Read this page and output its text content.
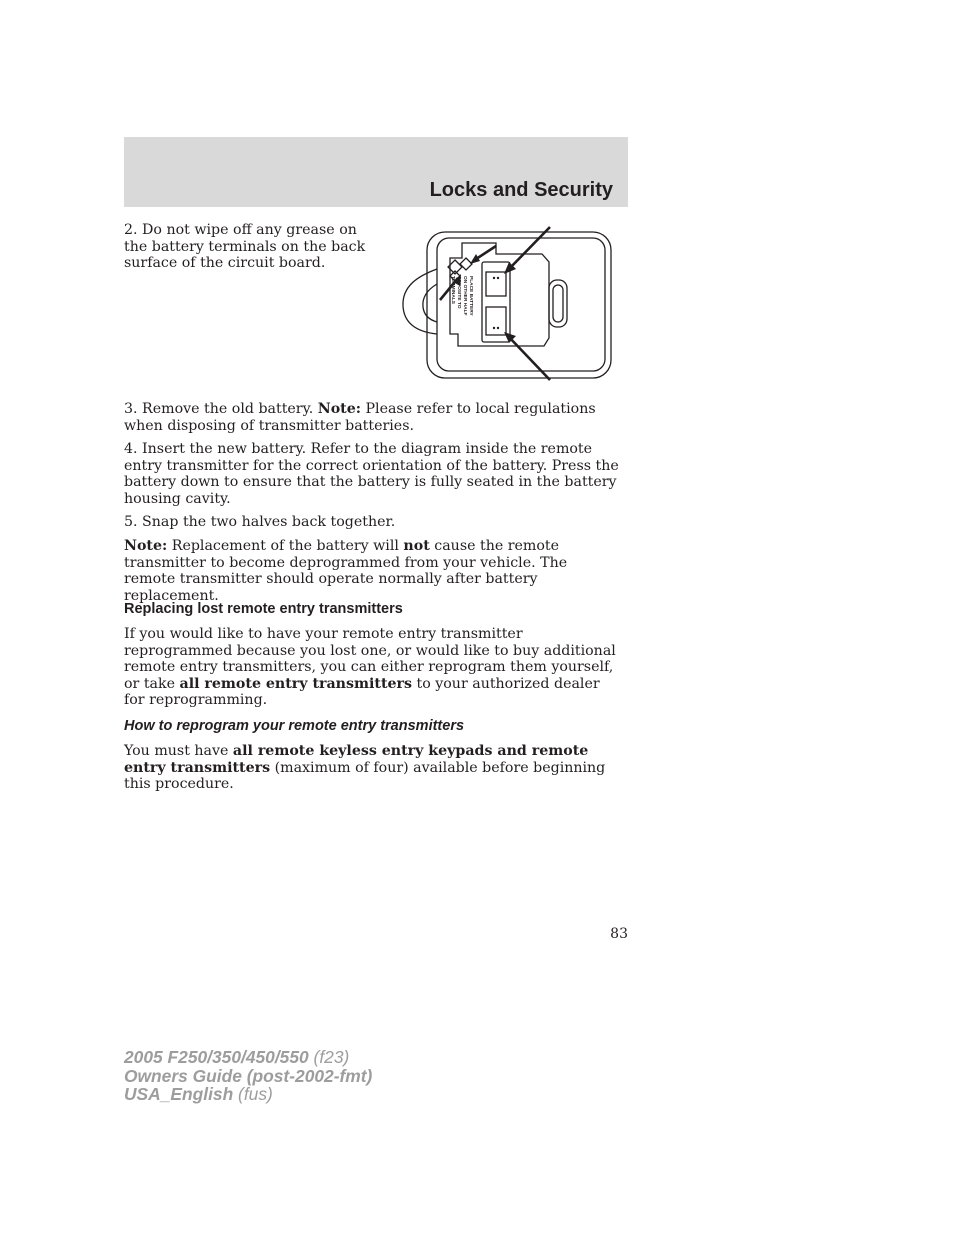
Locks and Security

2. Do not wipe off any grease on the battery terminals on the back surface of the circuit board.

PLACE BATTERY
ON OTHER HALF
OPPOSITE TO
TERMINALS

3. Remove the old battery. Note: Please refer to local regulations when disposing of transmitter batteries.

4. Insert the new battery. Refer to the diagram inside the remote entry transmitter for the correct orientation of the battery. Press the battery down to ensure that the battery is fully seated in the battery housing cavity.

5. Snap the two halves back together.

Note: Replacement of the battery will not cause the remote transmitter to become deprogrammed from your vehicle. The remote transmitter should operate normally after battery replacement.

Replacing lost remote entry transmitters

If you would like to have your remote entry transmitter reprogrammed because you lost one, or would like to buy additional remote entry transmitters, you can either reprogram them yourself, or take all remote entry transmitters to your authorized dealer for reprogramming.

How to reprogram your remote entry transmitters

You must have all remote keyless entry keypads and remote entry transmitters (maximum of four) available before beginning this procedure.

83

2005 F250/350/450/550 (f23)
Owners Guide (post-2002-fmt)
USA_English (fus)
